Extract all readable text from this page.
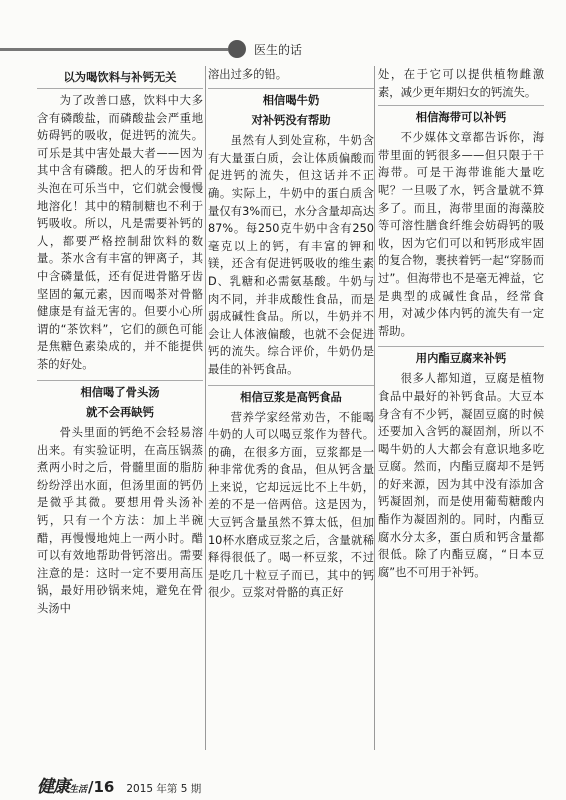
医生的话
以为喝饮料与补钙无关

为了改善口感，饮料中大多含有磷酸盐，而磷酸盐会严重地妨碍钙的吸收，促进钙的流失。可乐是其中害处最大者——因为其中含有磷酸。把人的牙齿和骨头泡在可乐当中，它们就会慢慢地溶化！其中的精制糖也不利于钙吸收。所以，凡是需要补钙的人，都要严格控制甜饮料的数量。茶水含有丰富的钾离子，其中含磷量低，还有促进骨骼牙齿坚固的氟元素，因而喝茶对骨骼健康是有益无害的。但要小心所谓的“茶饮料”，它们的颜色可能是焦糖色素染成的，并不能提供茶的好处。

相信喝了骨头汤
就不会再缺钙

骨头里面的钙绝不会轻易溶出来。有实验证明，在高压锅蒸煮两小时之后，骨髓里面的脂肪纷纷浮出水面，但汤里面的钙仍是微乎其微。要想用骨头汤补钙，只有一个方法：加上半碗醋，再慢慢地炖上一两小时。醋可以有效地帮助骨钙溶出。需要注意的是：这时一定不要用高压锅，最好用砂锅来炖，避免在骨头汤中

溶出过多的铅。

相信喝牛奶
对补钙没有帮助

虽然有人到处宣称，牛奶含有大量蛋白质，会让体质偏酸而促进钙的流失，但这话并不正确。实际上，牛奶中的蛋白质含量仅有3%而已，水分含量却高达87%。每250克牛奶中含有250毫克以上的钙，有丰富的钾和镁，还含有促进钙吸收的维生素D、乳糖和必需氨基酸。牛奶与肉不同，并非成酸性食品，而是弱成碱性食品。所以，牛奶并不会让人体液偏酸，也就不会促进钙的流失。综合评价，牛奶仍是最佳的补钙食品。

相信豆浆是高钙食品

营养学家经常劝告，不能喝牛奶的人可以喝豆浆作为替代。的确，在很多方面，豆浆都是一种非常优秀的食品，但从钙含量上来说，它却远远比不上牛奶，差的不是一倍两倍。这是因为，大豆钙含量虽然不算太低，但加10杯水磨成豆浆之后，含量就稀释得很低了。喝一杯豆浆，不过是吃几十粒豆子而已，其中的钙很少。豆浆对骨骼的真正好

处，在于它可以提供植物雌激素，减少更年期妇女的钙流失。

相信海带可以补钙

不少媒体文章都告诉你，海带里面的钙很多——但只限于干海带。可是干海带谁能大量吃呢？一旦吸了水，钙含量就不算多了。而且，海带里面的海藻胶等可溶性膳食纤维会妨碍钙的吸收，因为它们可以和钙形成牢固的复合物，裹挟着钙一起“穿肠而过”。但海带也不是毫无裨益，它是典型的成碱性食品，经常食用，对减少体内钙的流失有一定帮助。

用内酯豆腐来补钙

很多人都知道，豆腐是植物食品中最好的补钙食品。大豆本身含有不少钙，凝固豆腐的时候还要加入含钙的凝固剂，所以不喝牛奶的人大都会有意识地多吃豆腐。然而，内酯豆腐却不是钙的好来源，因为其中没有添加含钙凝固剂，而是使用葡萄糖酸内酯作为凝固剂的。同时，内酯豆腐水分太多，蛋白质和钙含量都很低。除了内酯豆腐，“日本豆腐”也不可用于补钙。

健康生活 /16 2015 年第 5 期
